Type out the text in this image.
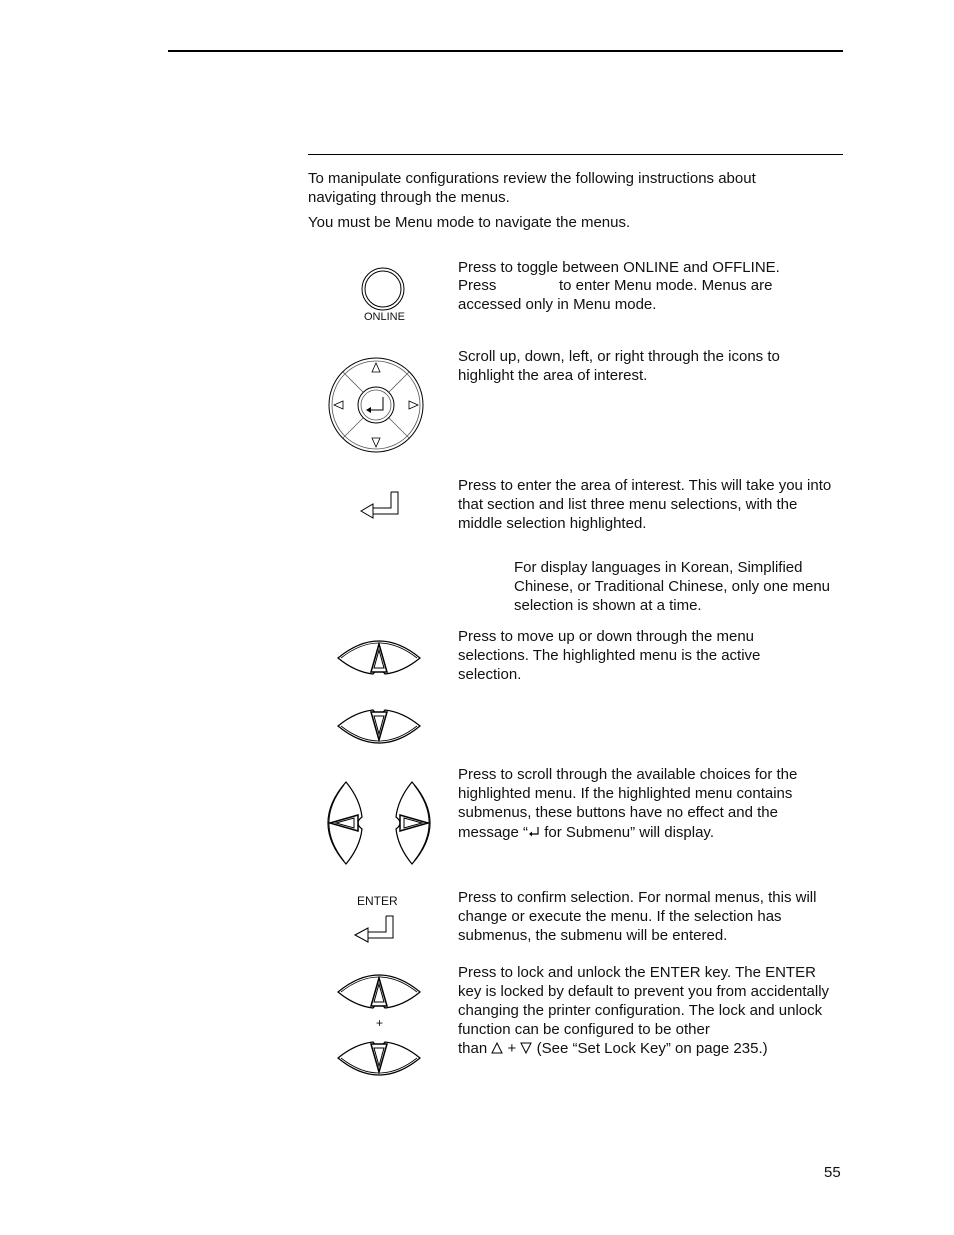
To manipulate configurations review the following instructions about navigating through the menus.

You must be Menu mode to navigate the menus.

ONLINE

Press to toggle between ONLINE and OFFLINE.

Press	to enter Menu mode. Menus are

accessed only in Menu mode.

Scroll up, down, left, or right through the icons to highlight the area of interest.

Press to enter the area of interest. This will take you into that section and list three menu selections, with the middle selection highlighted.

For display languages in Korean, Simplified Chinese, or Traditional Chinese, only one menu selection is shown at a time.

Press to move up or down through the menu selections. The highlighted menu is the active selection.

Press to scroll through the available choices for the highlighted menu. If the highlighted menu contains submenus, these buttons have no effect and the

message “ for Submenu” will display.
ENTER	Press to confirm selection. For normal menus, this will change or execute the menu. If the selection has submenus, the submenu will be entered.

+

Press to lock and unlock the ENTER key. The ENTER key is locked by default to prevent you from accidentally changing the printer configuration. The lock and unlock function can be configured to be other

than  +  (See “Set Lock Key” on page 235.)
55
